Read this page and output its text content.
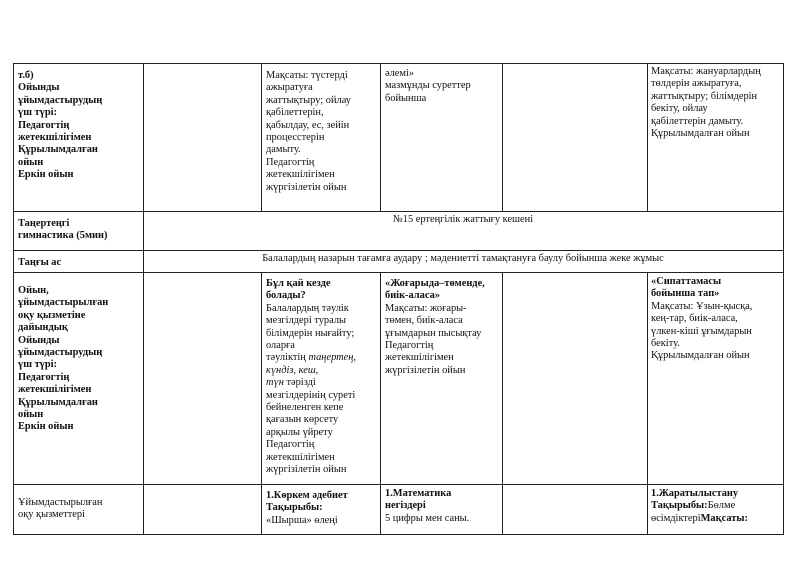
т.б)
Ойынды
ұйымдастырудың
үш түрі:
Педагогтің
жетекшілігімен
Құрылымдалған
ойын
Еркін ойын
Мақсаты: түстерді
ажыратуға
жаттықтыру; ойлау
қабілеттерін,
қабылдау, ес, зейін
процесстерін
дамыту.
Педагогтің
жетекшілігімен
жүргізілетін ойын
әлемі»
мазмұнды суреттер
бойынша
Мақсаты: жануарлардың
төлдерін ажыратуға,
жаттықтыру; білімдерін
бекіту, ойлау
қабілеттерін дамыту.
Құрылымдалған ойын
Таңертеңгі
гимнастика (5мин)
№15 ертеңгілік жаттығу кешені
Таңғы ас	Балалардың назарын тағамға аудару ; мәдениетті тамақтануға баулу бойынша жеке жұмыс
Ойын,
ұйымдастырылған
оқу қызметіне
дайындық
Ойынды
ұйымдастырудың
үш түрі:
Педагогтің
жетекшілігімен
Құрылымдалған
ойын
Еркін ойын
Бұл қай кезде
болады?
Балалардың тәулік
мезгілдері туралы
білімдерін нығайту;
оларға
тәуліктің таңертең,
күндіз, кеш,
түн тәрізді
мезгілдерінің суреті
бейнеленген кепе
қағазын көрсету
арқылы үйрету
Педагогтің
жетекшілігімен
жүргізілетін ойын
«Жоғарыда–төменде,
биік-аласа»
Мақсаты: жоғары-
төмен, биік-аласа
ұғымдарын пысықтау
Педагогтің
жетекшілігімен
жүргізілетін ойын
«Сипаттамасы
бойынша тап»
Мақсаты: Ұзын-қысқа,
кең-тар, биік-аласа,
үлкен-кіші ұғымдарын
бекіту.
Құрылымдалған ойын
Ұйымдастырылған
оқу қызметтері
1.Көркем әдебиет
Тақырыбы:
«Шырша» өлеңі
1.Математика
негіздері
5 цифры мен саны.
1.Жаратылыстану
Тақырыбы:Бөлме
өсімдіктеріМақсаты:
